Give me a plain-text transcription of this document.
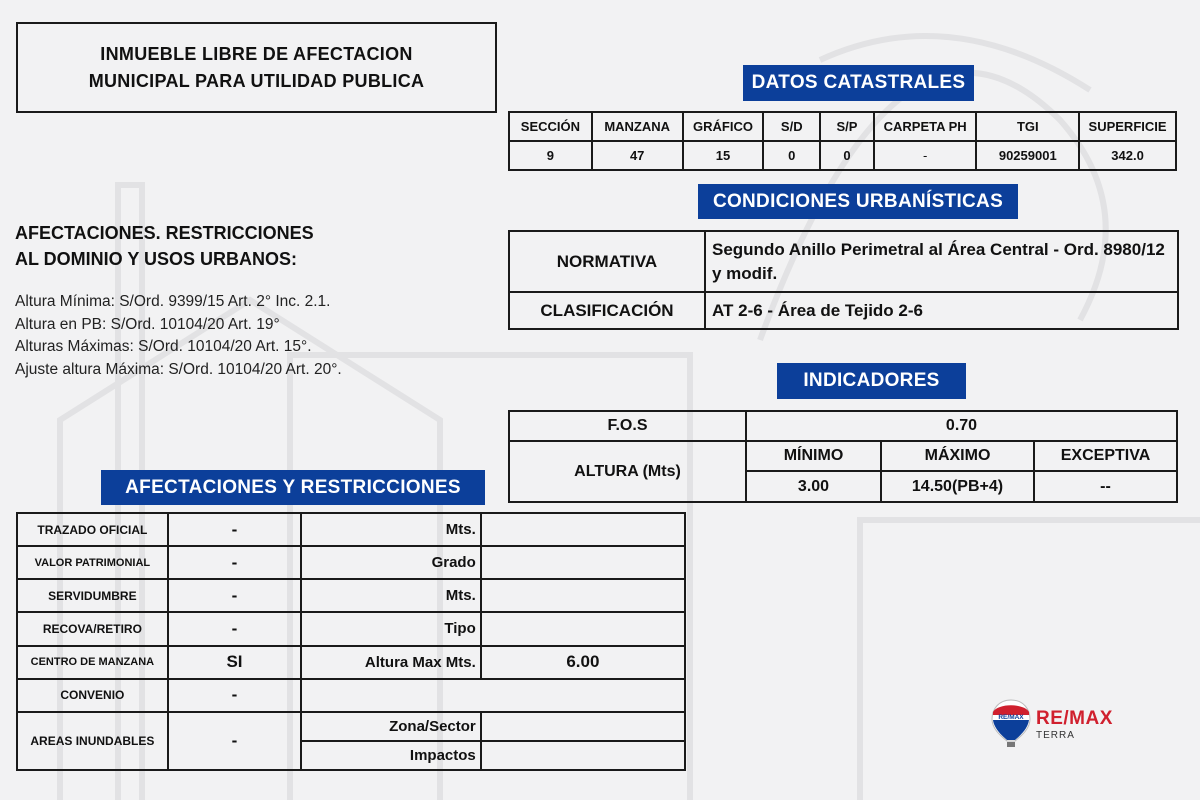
INMUEBLE LIBRE DE AFECTACION
MUNICIPAL PARA UTILIDAD PUBLICA	DATOS CATASTRALES
SECCIÓN	MANZANA	GRÁFICO	S/D	S/P	CARPETA PH	TGI	SUPERFICIE
9	47	15	0	0	-	90259001	342.0
CONDICIONES URBANÍSTICAS
NORMATIVA	Segundo Anillo Perimetral al Área Central - Ord. 8980/12 y modif.
CLASIFICACIÓN	AT 2-6 - Área de Tejido 2-6
INDICADORES
F.O.S	0.70		
ALTURA (Mts)	MÍNIMO	MÁXIMO	EXCEPTIVA
	3.00	14.50(PB+4)	--
AFECTACIONES. RESTRICCIONES
AL DOMINIO Y USOS URBANOS:
Altura Mínima: S/Ord. 9399/15 Art. 2° Inc. 2.1.
Altura en PB: S/Ord. 10104/20 Art. 19°
Alturas Máximas: S/Ord. 10104/20 Art. 15°.
Ajuste altura Máxima: S/Ord. 10104/20 Art. 20°.
AFECTACIONES Y RESTRICCIONES
TRAZADO OFICIAL	-	Mts.	
VALOR PATRIMONIAL	-	Grado	
SERVIDUMBRE	-	Mts.	
RECOVA/RETIRO	-	Tipo	
CENTRO DE MANZANA	SI	Altura Max Mts.	6.00
CONVENIO	-		
AREAS INUNDABLES	-	Zona/Sector	
		Impactos	
RE/MAX RE/MAX
TERRA
